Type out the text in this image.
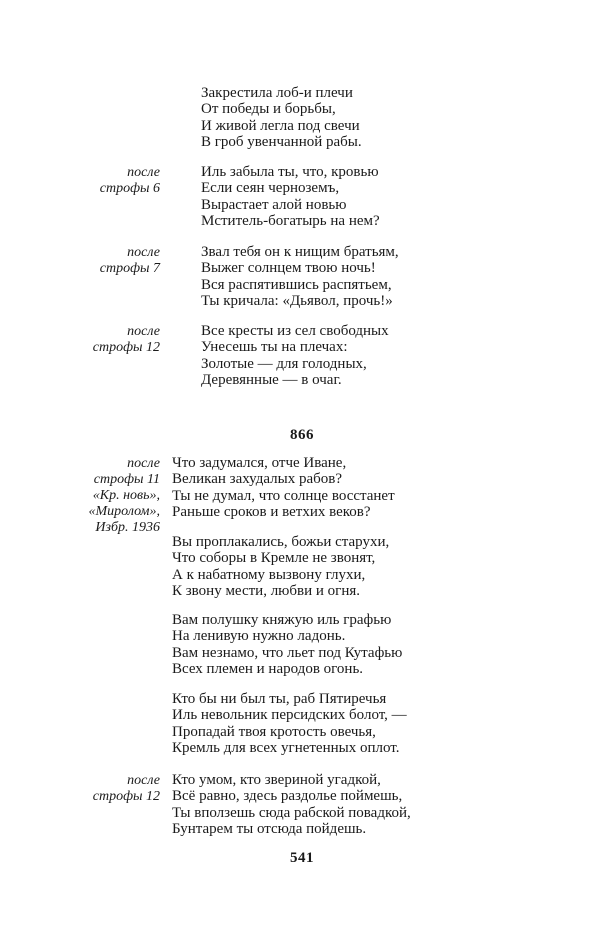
Закрестила лоб-и плечи
От победы и борьбы,
И живой легла под свечи
В гроб увенчанной рабы.
после
строфы 6
Иль забыла ты, что, кровью
Если сеян черноземъ,
Вырастает алой новью
Мститель-богатырь на нем?
после
строфы 7
Звал тебя он к нищим братьям,
Выжег солнцем твою ночь!
Вся распятившись распятьем,
Ты кричала: «Дьявол, прочь!»
после
строфы 12
Все кресты из сел свободных
Унесешь ты на плечах:
Золотые — для голодных,
Деревянные — в очаг.
866
после
строфы 11
«Кр. новь»,
«Миролом»,
Избр. 1936
Что задумался, отче Иване,
Великан захудалых рабов?
Ты не думал, что солнце восстанет
Раньше сроков и ветхих веков?
Вы проплакались, божьи старухи,
Что соборы в Кремле не звонят,
А к набатному вызвону глухи,
К звону мести, любви и огня.
Вам полушку княжую иль графью
На ленивую нужно ладонь.
Вам незнамо, что льет под Кутафью
Всех племен и народов огонь.
Кто бы ни был ты, раб Пятиречья
Иль невольник персидских болот, —
Пропадай твоя кротость овечья,
Кремль для всех угнетенных оплот.
после
строфы 12
Кто умом, кто звериной угадкой,
Всё равно, здесь раздолье поймешь,
Ты вползешь сюда рабской повадкой,
Бунтарем ты отсюда пойдешь.
541
